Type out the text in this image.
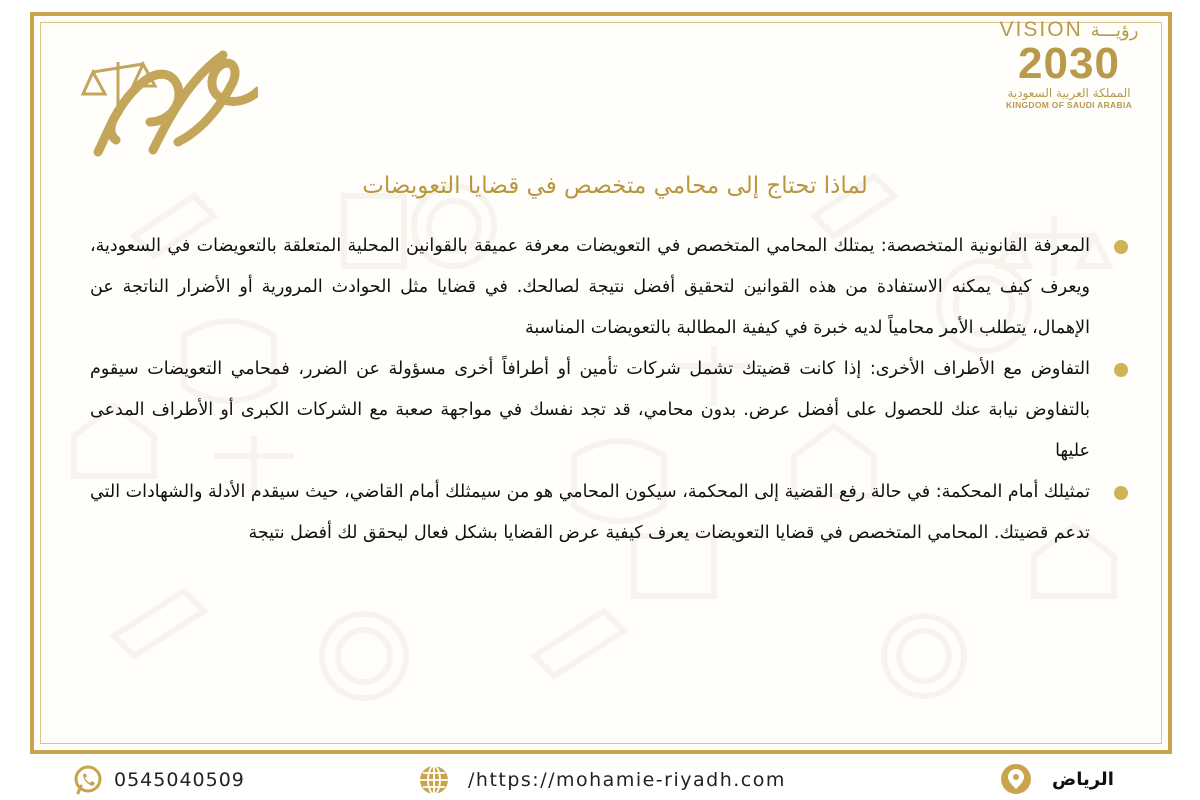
VISION رؤيـــة
2030
المملكة العربية السعودية
KINGDOM OF SAUDI ARABIA
لماذا تحتاج إلى محامي متخصص في قضايا التعويضات
المعرفة القانونية المتخصصة: يمتلك المحامي المتخصص في التعويضات معرفة عميقة بالقوانين المحلية المتعلقة بالتعويضات في السعودية، ويعرف كيف يمكنه الاستفادة من هذه القوانين لتحقيق أفضل نتيجة لصالحك. في قضايا مثل الحوادث المرورية أو الأضرار الناتجة عن الإهمال، يتطلب الأمر محامياً لديه خبرة في كيفية المطالبة بالتعويضات المناسبة
التفاوض مع الأطراف الأخرى: إذا كانت قضيتك تشمل شركات تأمين أو أطرافاً أخرى مسؤولة عن الضرر، فمحامي التعويضات سيقوم بالتفاوض نيابة عنك للحصول على أفضل عرض. بدون محامي، قد تجد نفسك في مواجهة صعبة مع الشركات الكبرى أو الأطراف المدعى عليها
تمثيلك أمام المحكمة: في حالة رفع القضية إلى المحكمة، سيكون المحامي هو من سيمثلك أمام القاضي، حيث سيقدم الأدلة والشهادات التي تدعم قضيتك. المحامي المتخصص في قضايا التعويضات يعرف كيفية عرض القضايا بشكل فعال ليحقق لك أفضل نتيجة
0545040509	/https://mohamie-riyadh.com	الرياض
